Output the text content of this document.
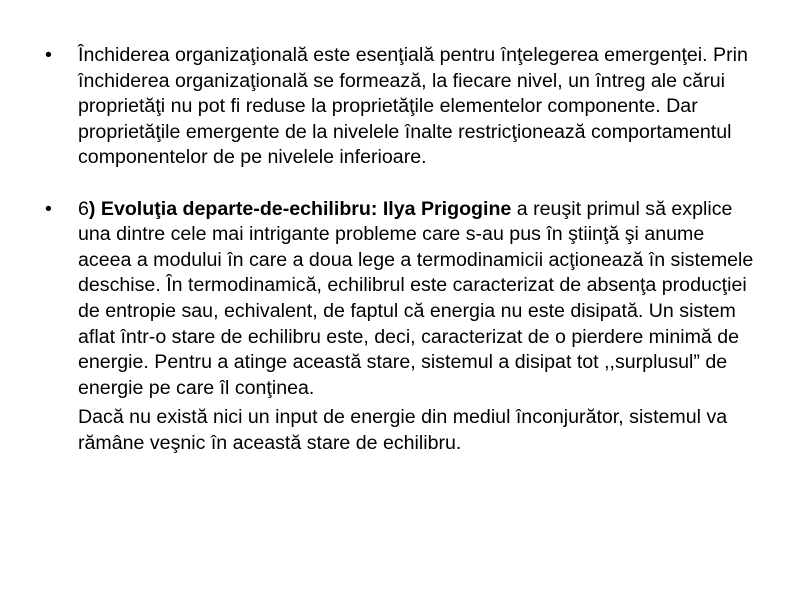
• Închiderea organizaţională este esenţială pentru înţelegerea emergenţei. Prin închiderea organizaţională se formează, la fiecare nivel, un întreg ale cărui proprietăţi nu pot fi reduse la proprietăţile elementelor componente. Dar proprietăţile emergente de la nivelele înalte restricţionează comportamentul componentelor de pe nivelele inferioare.

• 6) Evoluţia departe-de-echilibru: Ilya Prigogine a reuşit primul să explice una dintre cele mai intrigante probleme care s-au pus în ştiinţă şi anume aceea a modului în care a doua lege a termodinamicii acţionează în sistemele deschise. În termodinamică, echilibrul este caracterizat de absenţa producţiei de entropie sau, echivalent, de faptul că energia nu este disipată. Un sistem aflat într-o stare de echilibru este, deci, caracterizat de o pierdere minimă de energie. Pentru a atinge această stare, sistemul a disipat tot ,,surplusul” de energie pe care îl conţinea.

Dacă nu există nici un input de energie din mediul înconjurător, sistemul va rămâne veşnic în această stare de echilibru.
